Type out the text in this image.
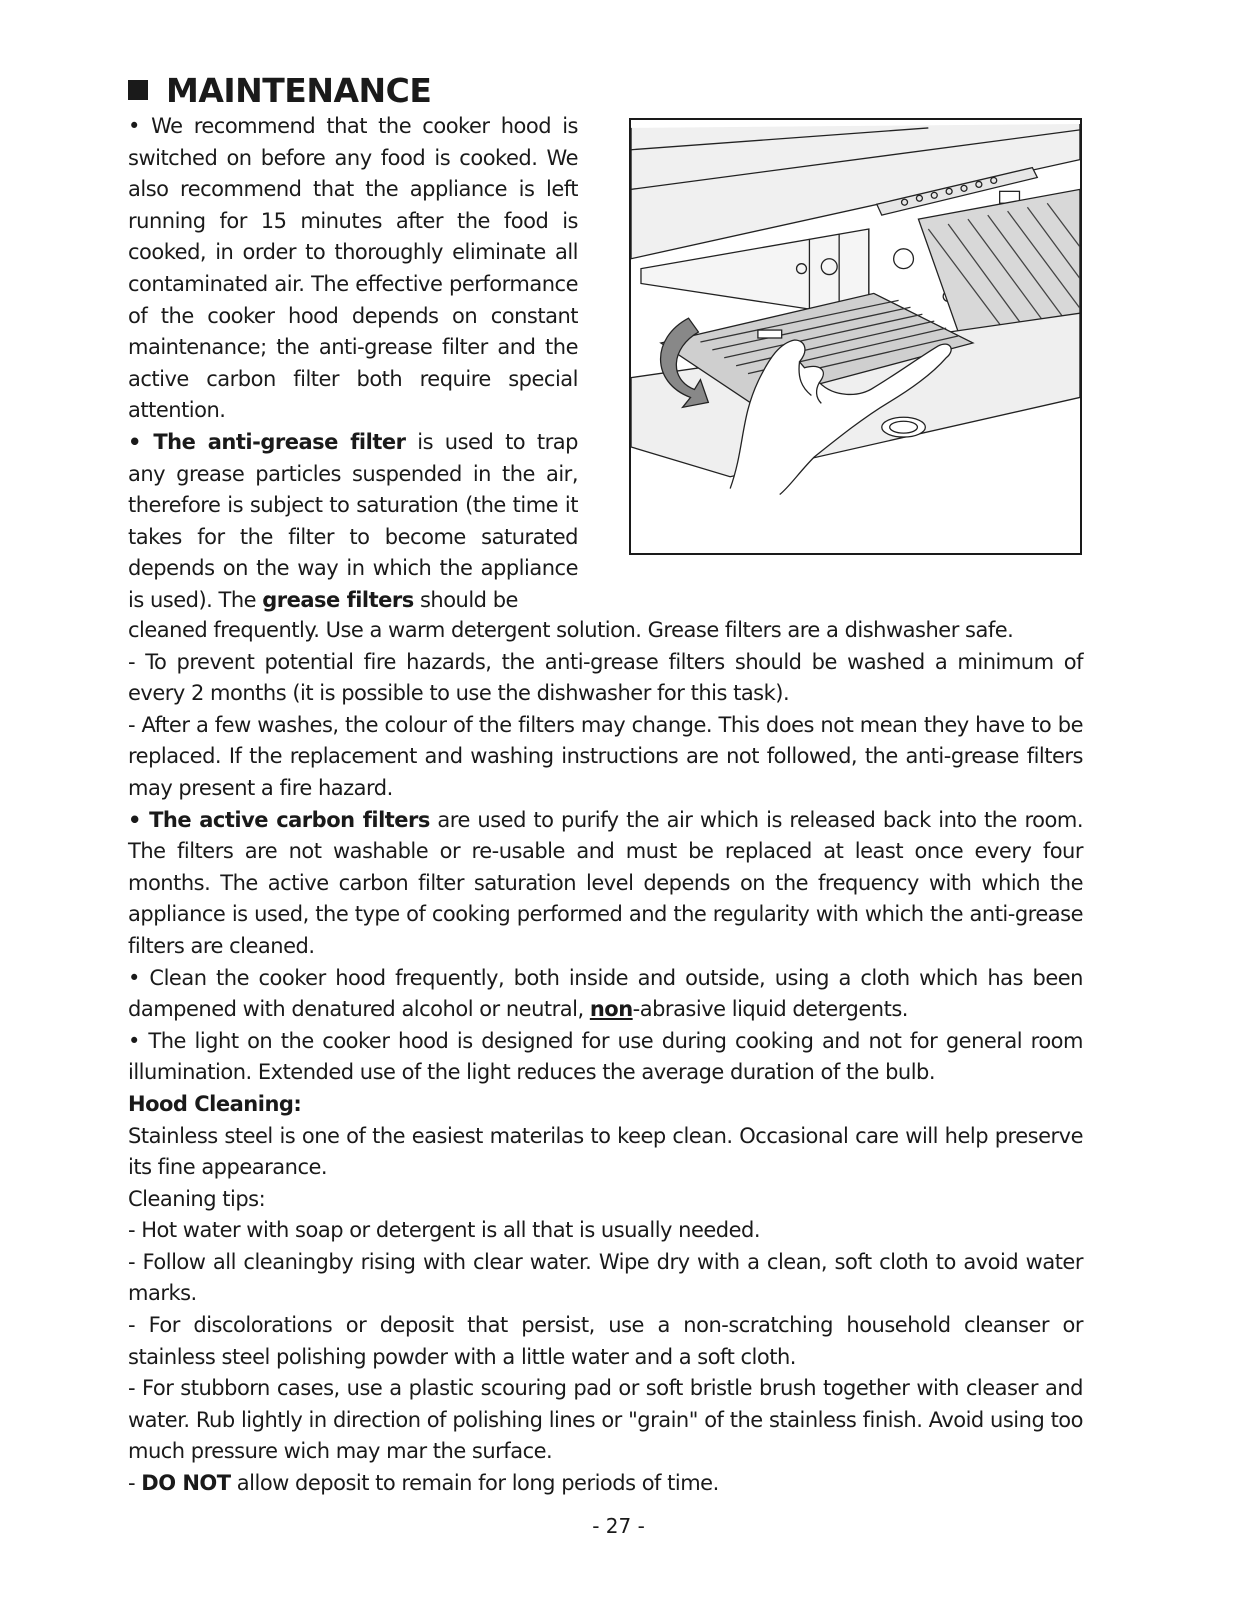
MAINTENANCE

• We recommend that the cooker hood is switched on before any food is cooked. We also recommend that the appliance is left running for 15 minutes after the food is cooked, in order to thoroughly eliminate all contaminated air. The effective performance of the cooker hood depends on constant maintenance; the anti-grease filter and the active carbon filter both require special attention.

• The anti-grease filter is used to trap any grease particles suspended in the air, therefore is subject to saturation (the time it takes for the filter to become saturated depends on the way in which the appliance is used). The grease filters should be

cleaned frequently. Use a warm detergent solution. Grease filters are a dishwasher safe.

- To prevent potential fire hazards, the anti-grease filters should be washed a minimum of every 2 months (it is possible to use the dishwasher for this task).

- After a few washes, the colour of the filters may change. This does not mean they have to be replaced. If the replacement and washing instructions are not followed, the anti-grease filters may present a fire hazard.

• The active carbon filters are used to purify the air which is released back into the room. The filters are not washable or re-usable and must be replaced at least once every four months. The active carbon filter saturation level depends on the frequency with which the appliance is used, the type of cooking performed and the regularity with which the anti-grease filters are cleaned.

• Clean the cooker hood frequently, both inside and outside, using a cloth which has been dampened with denatured alcohol or neutral, non-abrasive liquid detergents.

• The light on the cooker hood is designed for use during cooking and not for general room illumination. Extended use of the light reduces the average duration of the bulb.

Hood Cleaning:

Stainless steel is one of the easiest materilas to keep clean. Occasional care will help preserve its fine appearance.

Cleaning tips:

- Hot water with soap or detergent is all that is usually needed.

- Follow all cleaningby rising with clear water. Wipe dry with a clean, soft cloth to avoid water marks.

- For discolorations or deposit that persist, use a non-scratching household cleanser or stainless steel polishing powder with a little water and a soft cloth.

- For stubborn cases, use a plastic scouring pad or soft bristle brush together with cleaser and water. Rub lightly in direction of polishing lines or "grain" of the stainless finish. Avoid using too much pressure wich may mar the surface.

- DO NOT allow deposit to remain for long periods of time.

- 27 -
